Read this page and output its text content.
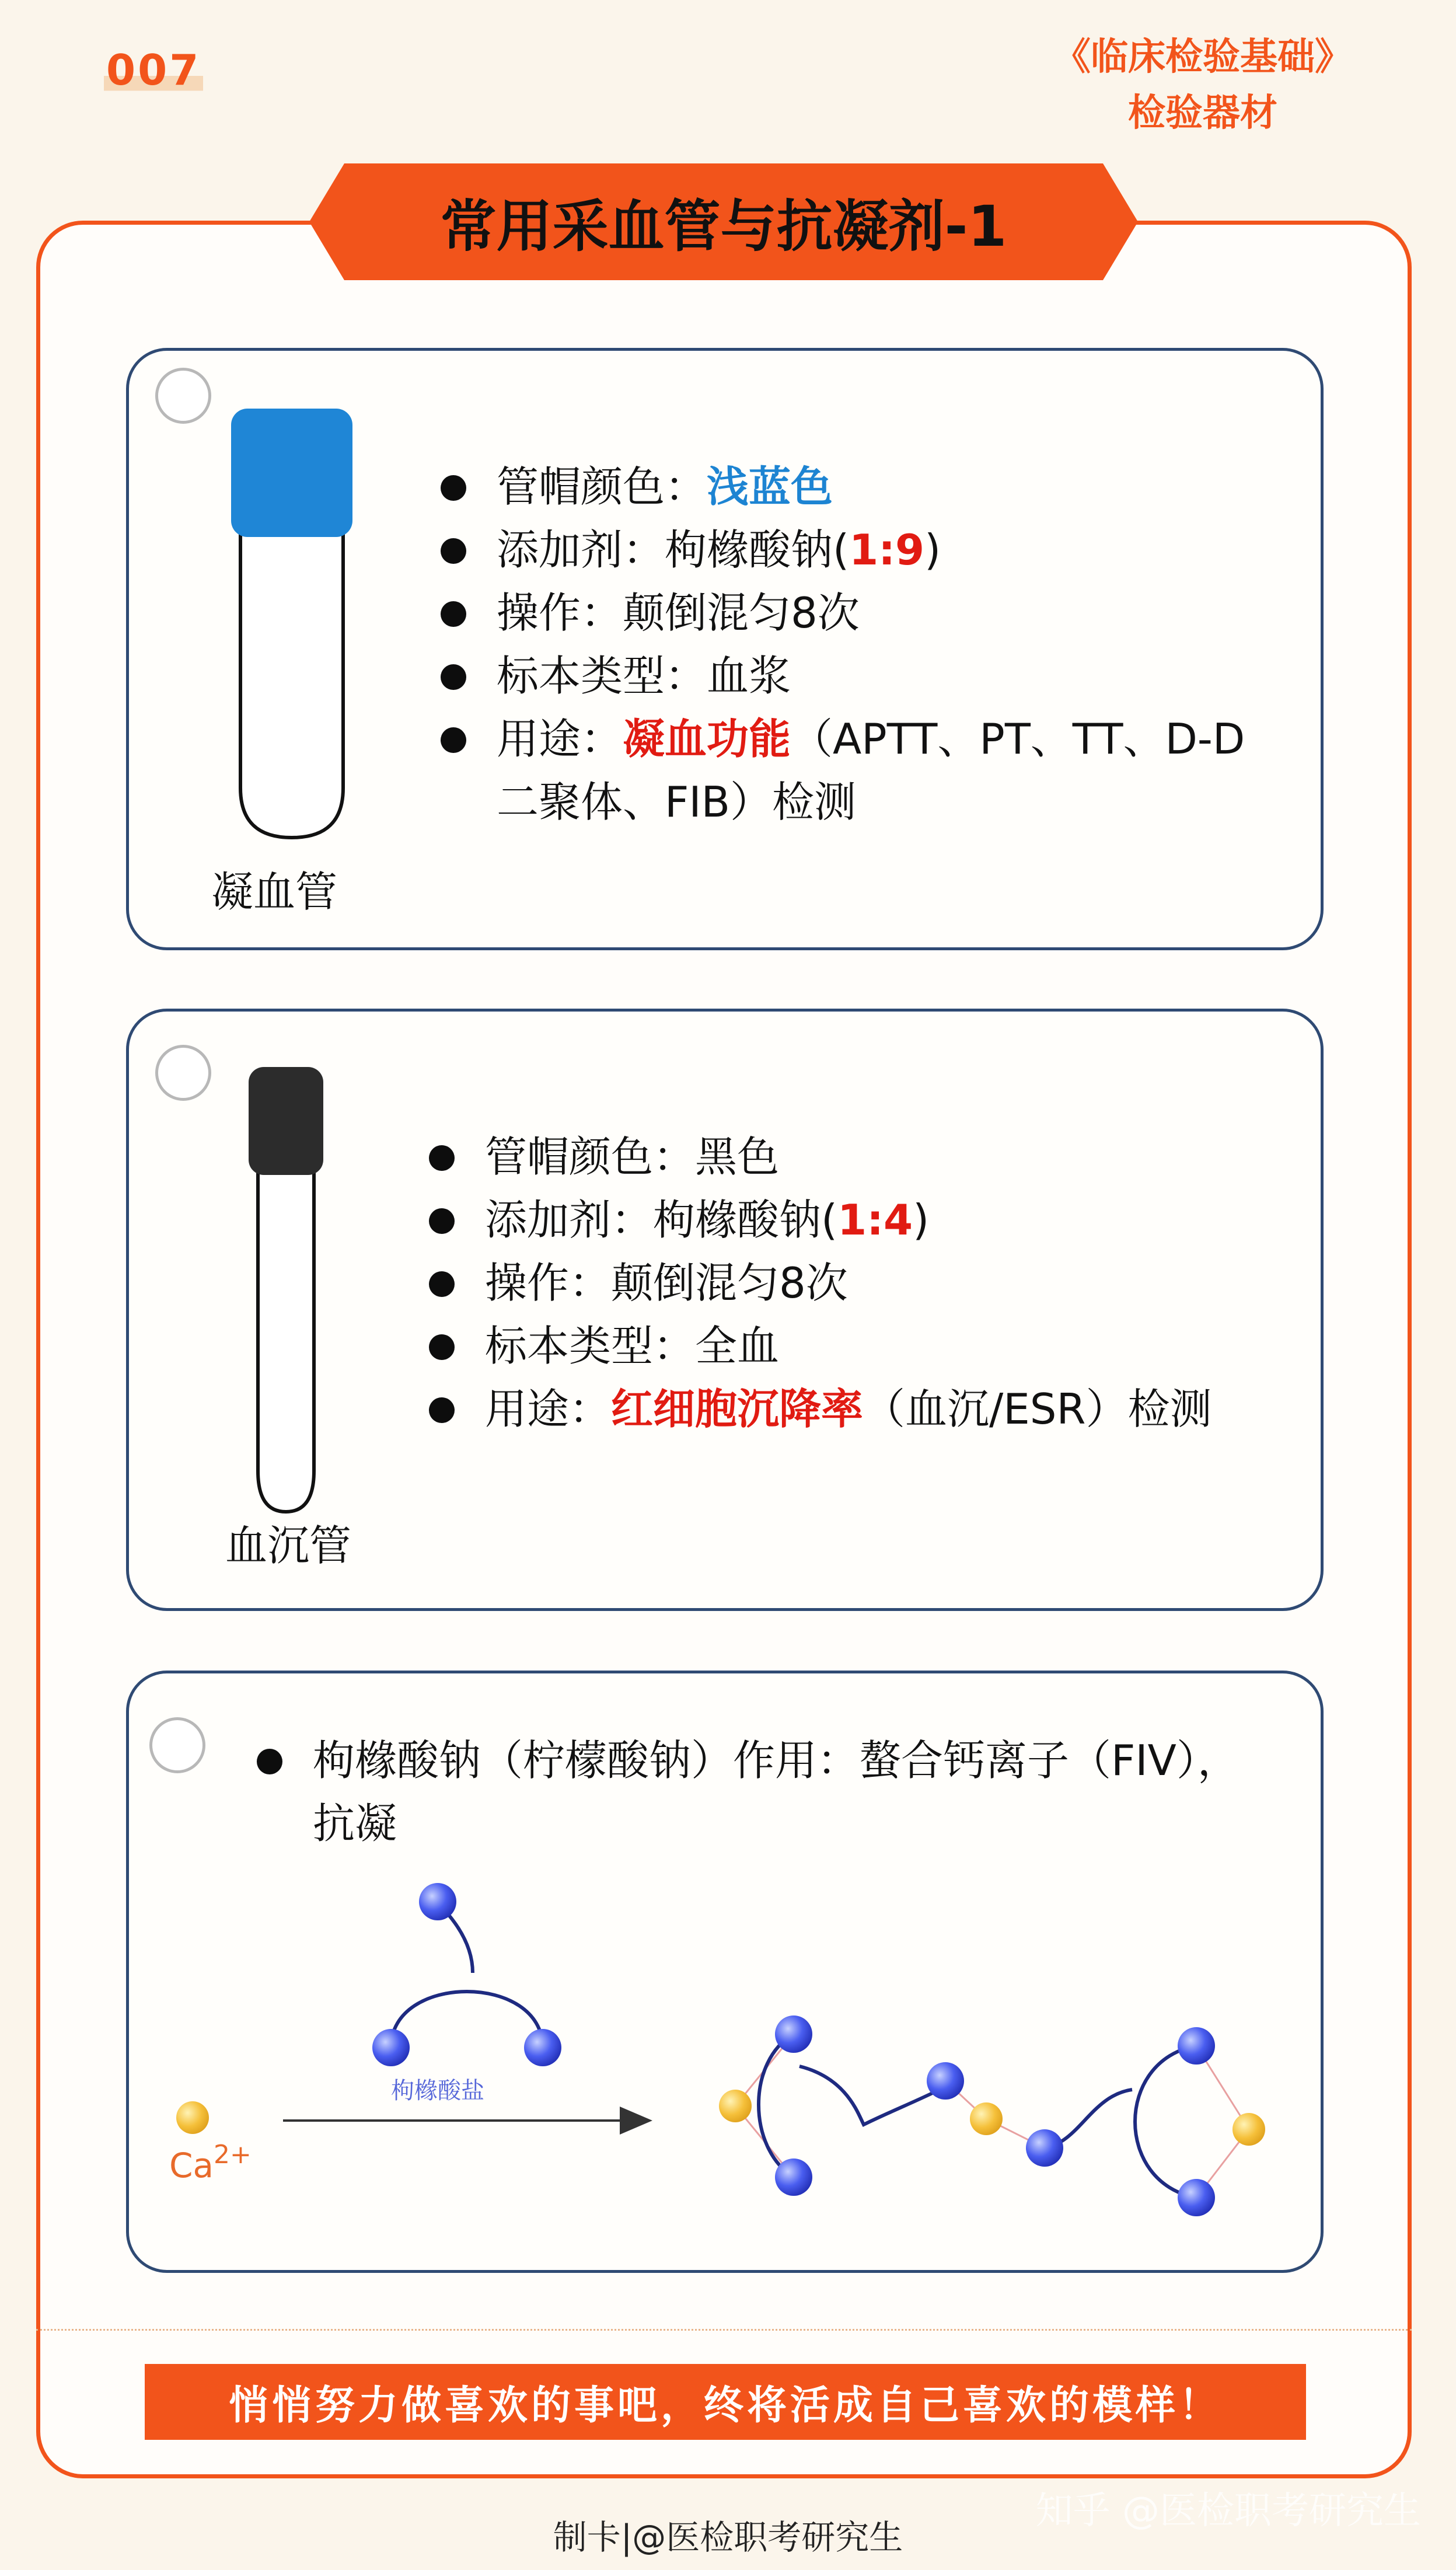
007	《临床检验基础》
检验器材
常用采血管与抗凝剂-1
凝血管
管帽颜色：浅蓝色
添加剂：枸橼酸钠(1:9)
操作：颠倒混匀8次
标本类型：血浆
用途：凝血功能（APTT、PT、TT、D-D二聚体、FIB）检测
血沉管
管帽颜色：黑色
添加剂：枸橼酸钠(1:4)
操作：颠倒混匀8次
标本类型：全血
用途：红细胞沉降率（血沉/ESR）检测
枸橼酸钠（柠檬酸钠）作用：螯合钙离子（FIV），抗凝
枸橼酸盐
$Ca^{2+}$
悄悄努力做喜欢的事吧，终将活成自己喜欢的模样！
制卡|@医检职考研究生
知乎 @医检职考研究生
